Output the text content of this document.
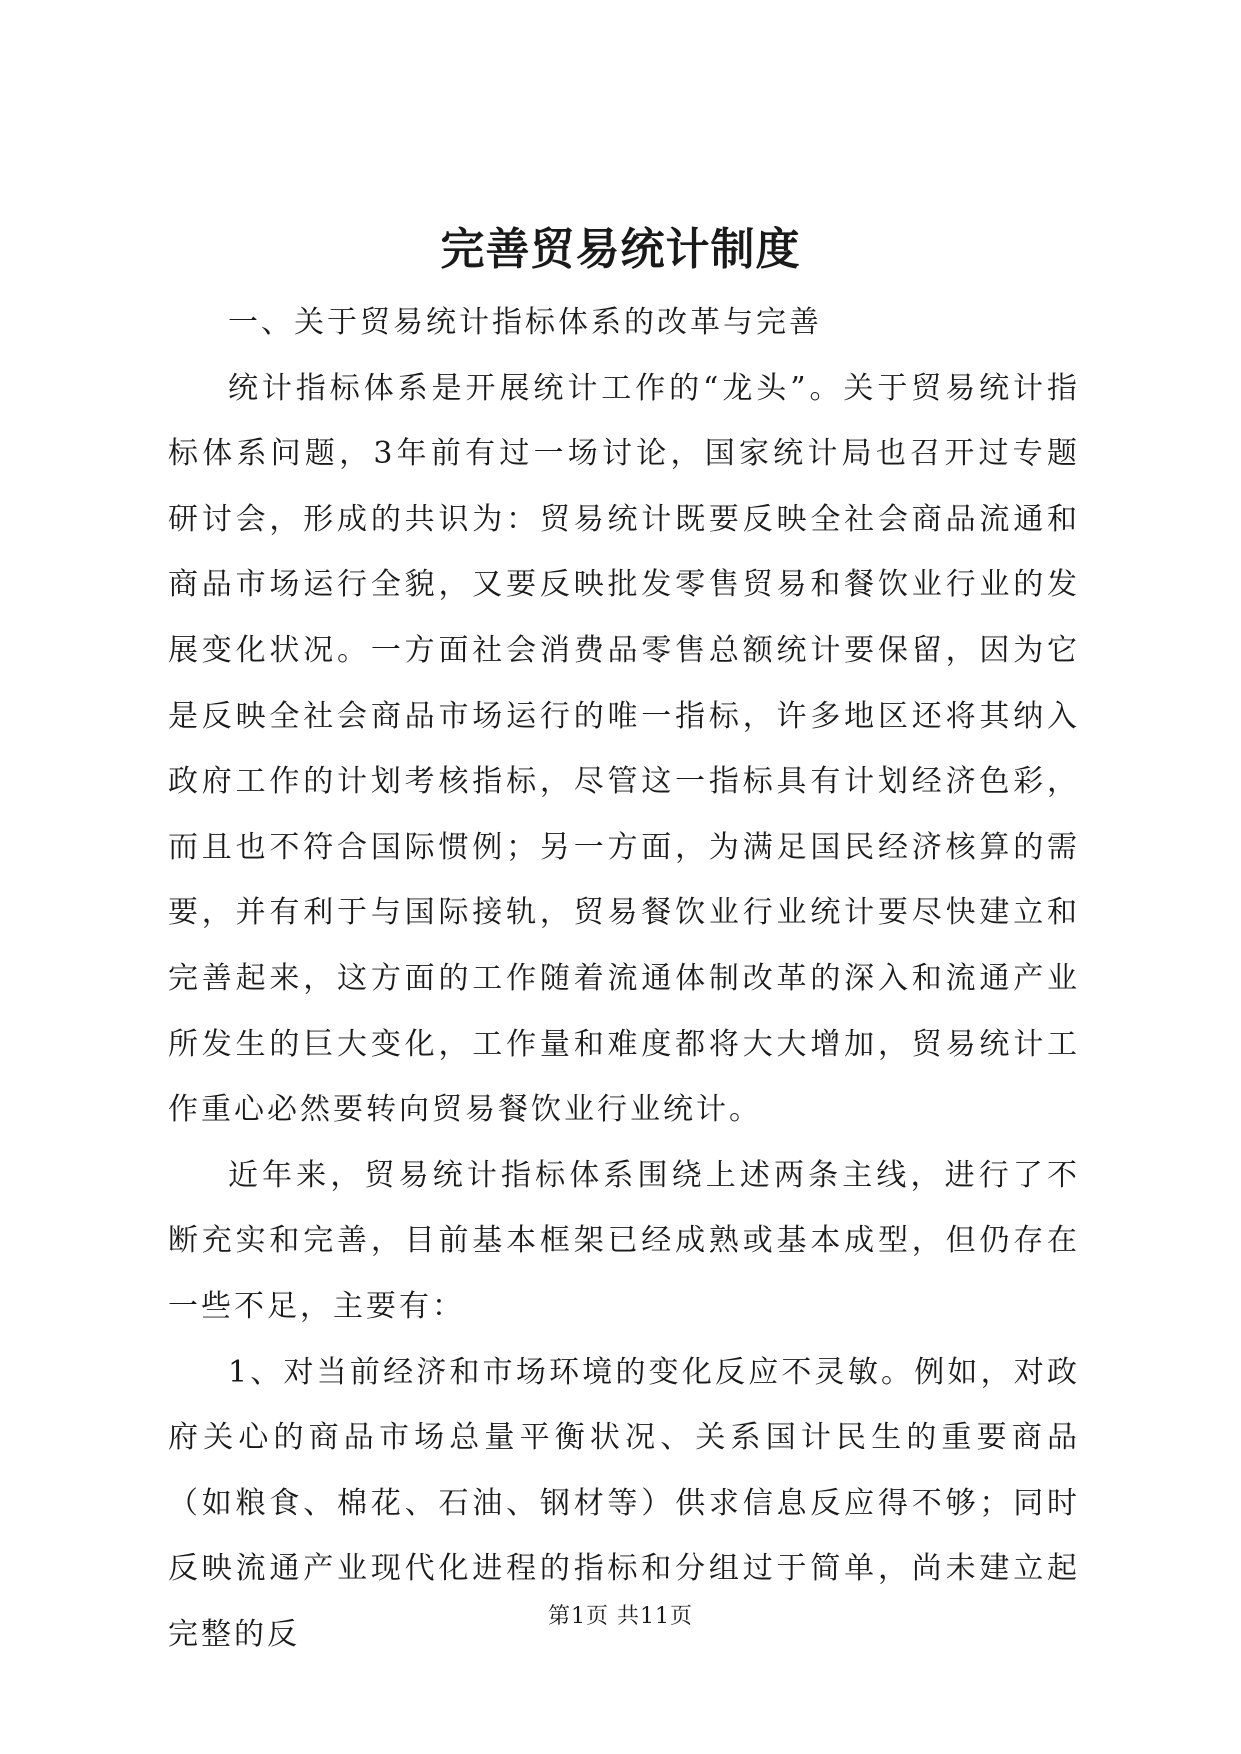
完善贸易统计制度

一、关于贸易统计指标体系的改革与完善

统计指标体系是开展统计工作的“龙头”。关于贸易统计指标体系问题，3年前有过一场讨论，国家统计局也召开过专题研讨会，形成的共识为：贸易统计既要反映全社会商品流通和商品市场运行全貌，又要反映批发零售贸易和餐饮业行业的发展变化状况。一方面社会消费品零售总额统计要保留，因为它是反映全社会商品市场运行的唯一指标，许多地区还将其纳入政府工作的计划考核指标，尽管这一指标具有计划经济色彩，而且也不符合国际惯例；另一方面，为满足国民经济核算的需要，并有利于与国际接轨，贸易餐饮业行业统计要尽快建立和完善起来，这方面的工作随着流通体制改革的深入和流通产业所发生的巨大变化，工作量和难度都将大大增加，贸易统计工作重心必然要转向贸易餐饮业行业统计。

近年来，贸易统计指标体系围绕上述两条主线，进行了不断充实和完善，目前基本框架已经成熟或基本成型，但仍存在一些不足，主要有：

1、对当前经济和市场环境的变化反应不灵敏。例如，对政府关心的商品市场总量平衡状况、关系国计民生的重要商品（如粮食、棉花、石油、钢材等）供求信息反应得不够；同时反映流通产业现代化进程的指标和分组过于简单，尚未建立起完整的反

第1页 共11页
